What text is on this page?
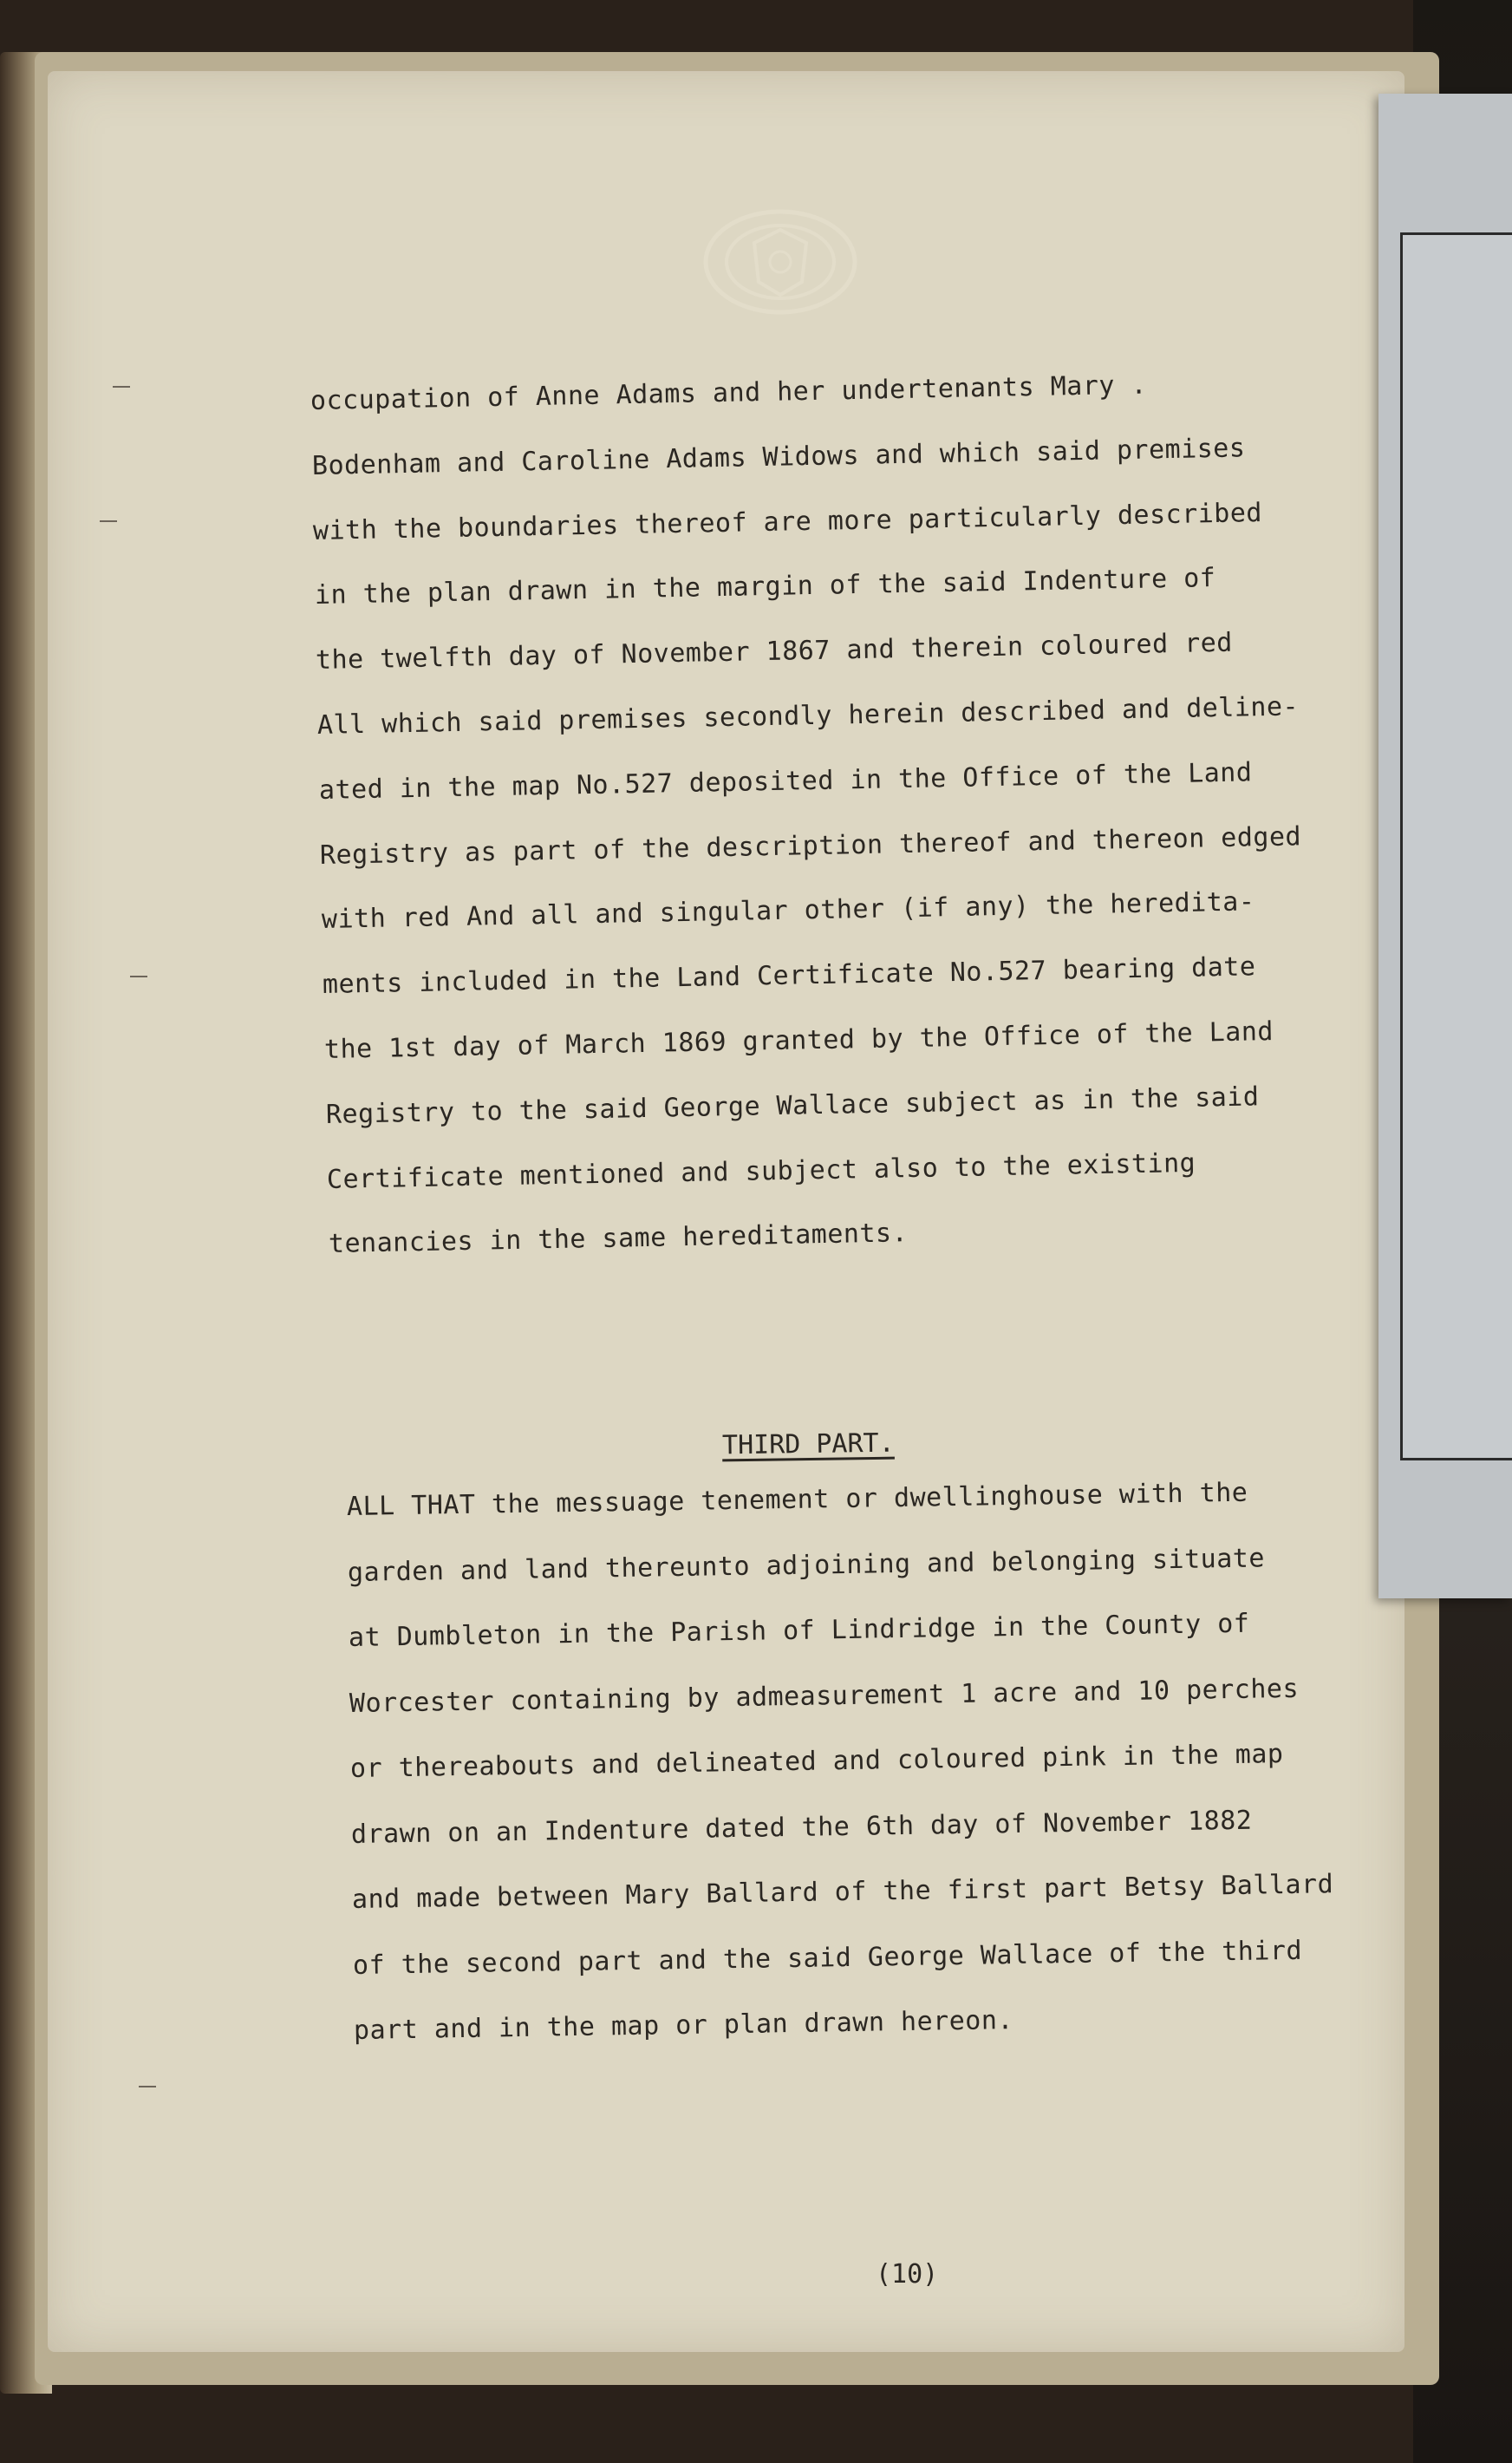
occupation of Anne Adams and her undertenants Mary .
Bodenham and Caroline Adams Widows and which said premises
with the boundaries thereof are more particularly described
in the plan drawn in the margin of the said Indenture of
the twelfth day of November 1867 and therein coloured red
All which said premises secondly herein described and deline-
ated in the map No.527 deposited in the Office of the Land
Registry as part of the description thereof and thereon edged
with red And all and singular other (if any) the heredita-
ments included in the Land Certificate No.527 bearing date
the 1st day of March 1869 granted by the Office of the Land
Registry to the said George Wallace subject as in the said
Certificate mentioned and subject also to the existing
tenancies in the same hereditaments.
THIRD PART.
ALL THAT the messuage tenement or dwellinghouse with the
garden and land thereunto adjoining and belonging situate
at Dumbleton in the Parish of Lindridge in the County of
Worcester containing by admeasurement 1 acre and 10 perches
or thereabouts and delineated and coloured pink in the map
drawn on an Indenture dated the 6th day of November 1882
and made between Mary Ballard of the first part Betsy Ballard
of the second part and the said George Wallace of the third
part and in the map or plan drawn hereon.
(10)
